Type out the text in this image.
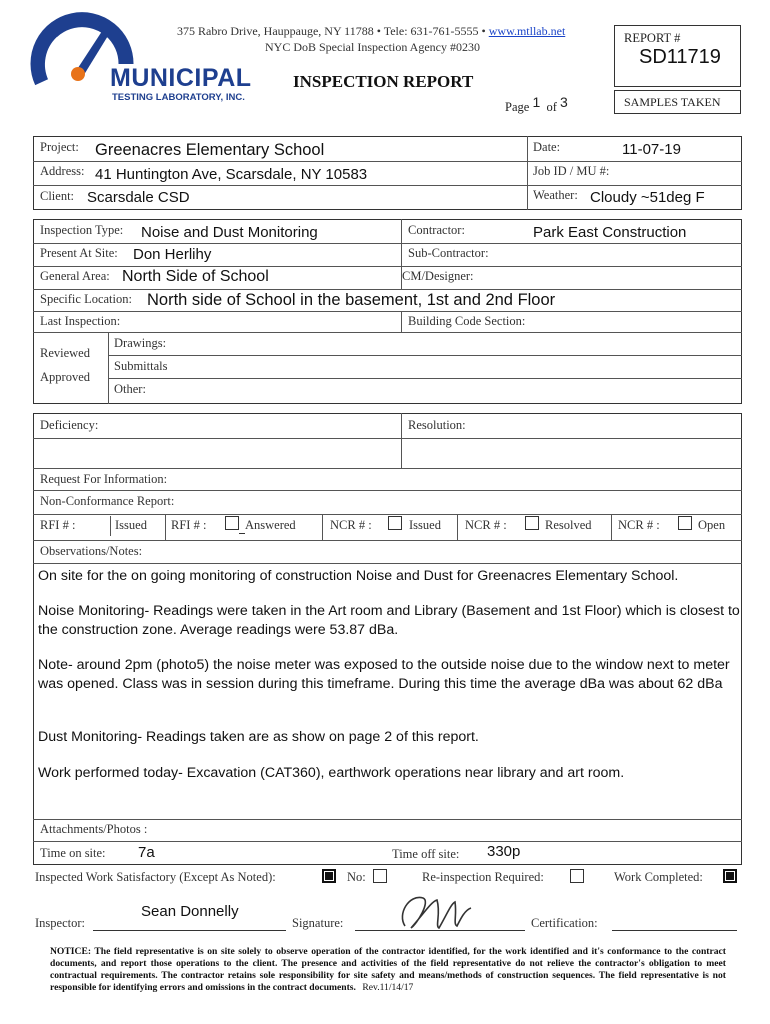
MUNICIPAL
TESTING LABORATORY, INC.
375 Rabro Drive, Hauppauge, NY 11788 • Tele: 631-761-5555 • www.mtllab.net
NYC DoB Special Inspection Agency #0230
INSPECTION REPORT
REPORT #
SD11719
SAMPLES TAKEN
Page 1 of 3
Project: Greenacres Elementary School
Address: 41 Huntington Ave, Scarsdale, NY 10583
Client: Scarsdale CSD
Date:	11-07-19
Job ID / MU #:
Weather: Cloudy ~51deg F
Inspection Type: Noise and Dust Monitoring
Present At Site: Don Herlihy
General Area: North Side of School
Specific Location: North side of School in the basement, 1st and 2nd Floor
Last Inspection:
Contractor:	Park East Construction
Sub-Contractor:
CM/Designer:
Building Code Section:
Reviewed
Approved
Drawings:
Submittals
Other:
Deficiency:	Resolution:
Request For Information:
Non-Conformance Report:
RFI # :	Issued RFI # :	Answered	NCR # :	Issued NCR # :	Resolved NCR # :	Open
Observations/Notes:
On site for the on going monitoring of construction Noise and Dust for Greenacres Elementary School.
Noise Monitoring- Readings were taken in the Art room and Library (Basement and 1st Floor) which is closest to the construction zone. Average readings were 53.87 dBa.
Note- around 2pm (photo5) the noise meter was exposed to the outside noise due to the window next to meter was opened. Class was in session during this timeframe. During this time the average dBa was about 62 dBa
Dust Monitoring- Readings taken are as show on page 2 of this report.
Work performed today- Excavation (CAT360), earthwork operations near library and art room.
Attachments/Photos :
Time on site: 7a	Time off site: 330p
Inspected Work Satisfactory (Except As Noted):	No:	Re-inspection Required:	Work Completed:
Inspector:
Sean Donnelly
Signature:	Certification:
NOTICE: The field representative is on site solely to observe operation of the contractor identified, for the work identified and it's conformance to the contract documents, and report those operations to the client. The presence and activities of the field representative do not relieve the contractor's obligation to meet contractual requirements. The contractor retains sole responsibility for site safety and means/methods of construction sequences. The field representative is not responsible for identifying errors and omissions in the contract documents. Rev.11/14/17
